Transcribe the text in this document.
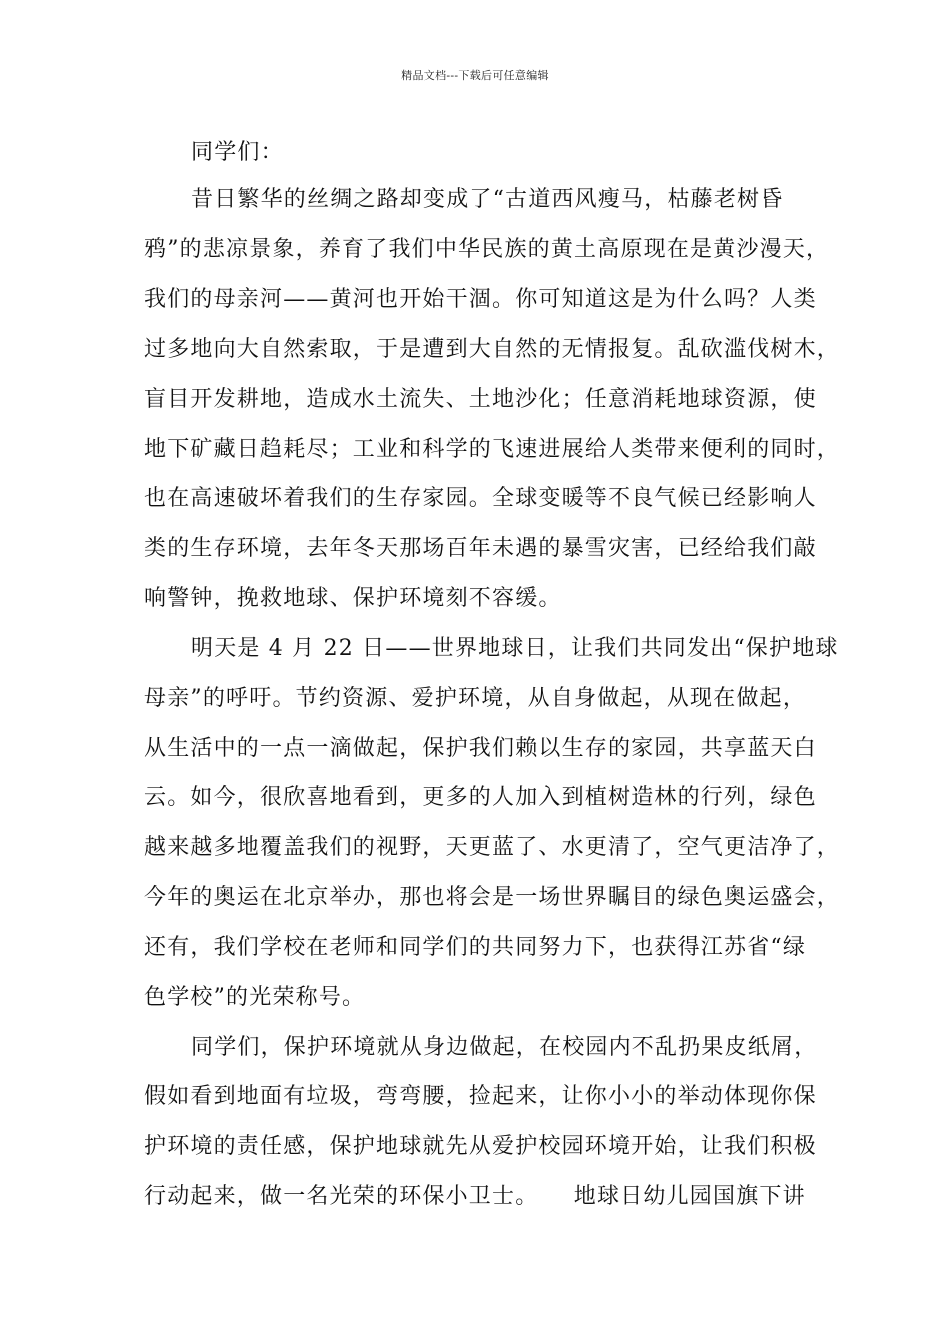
精品文档---下载后可任意编辑
同学们：
昔日繁华的丝绸之路却变成了“古道西风瘦马，枯藤老树昏
鸦”的悲凉景象，养育了我们中华民族的黄土高原现在是黄沙漫天，
我们的母亲河——黄河也开始干涸。你可知道这是为什么吗？人类
过多地向大自然索取，于是遭到大自然的无情报复。乱砍滥伐树木，
盲目开发耕地，造成水土流失、土地沙化；任意消耗地球资源，使
地下矿藏日趋耗尽；工业和科学的飞速进展给人类带来便利的同时，
也在高速破坏着我们的生存家园。全球变暖等不良气候已经影响人
类的生存环境，去年冬天那场百年未遇的暴雪灾害，已经给我们敲
响警钟，挽救地球、保护环境刻不容缓。
明天是 4 月 22 日——世界地球日，让我们共同发出“保护地球
母亲”的呼吁。节约资源、爱护环境，从自身做起，从现在做起，
从生活中的一点一滴做起，保护我们赖以生存的家园，共享蓝天白
云。如今，很欣喜地看到，更多的人加入到植树造林的行列，绿色
越来越多地覆盖我们的视野，天更蓝了、水更清了，空气更洁净了，
今年的奥运在北京举办，那也将会是一场世界瞩目的绿色奥运盛会，
还有，我们学校在老师和同学们的共同努力下，也获得江苏省“绿
色学校”的光荣称号。
同学们，保护环境就从身边做起，在校园内不乱扔果皮纸屑，
假如看到地面有垃圾，弯弯腰，捡起来，让你小小的举动体现你保
护环境的责任感，保护地球就先从爱护校园环境开始，让我们积极
行动起来，做一名光荣的环保小卫士。　　地球日幼儿园国旗下讲
